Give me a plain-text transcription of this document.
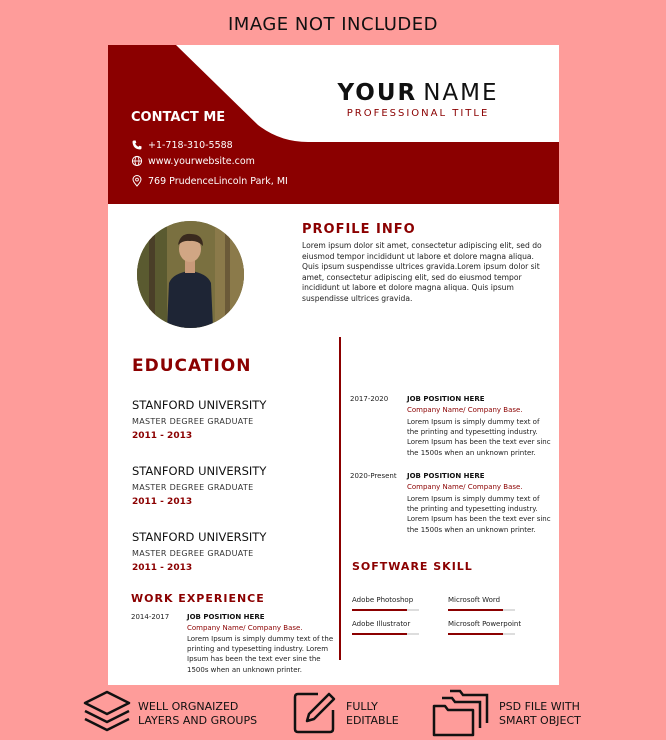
IMAGE NOT INCLUDED
YOUR NAME
PROFESSIONAL TITLE
CONTACT ME
+1-718-310-5588
www.yourwebsite.com
769 PrudenceLincoln Park, MI
PROFILE INFO
Lorem ipsum dolor sit amet, consectetur adipiscing elit, sed do
eiusmod tempor incididunt ut labore et dolore magna aliqua.
Quis ipsum suspendisse ultrices gravida.Lorem ipsum dolor sit
amet, consectetur adipiscing elit, sed do eiusmod tempor
incididunt ut labore et dolore magna aliqua. Quis ipsum
suspendisse ultrices gravida.
EDUCATION
STANFORD UNIVERSITY
MASTER DEGREE GRADUATE
2011 - 2013
STANFORD UNIVERSITY
MASTER DEGREE GRADUATE
2011 - 2013
STANFORD UNIVERSITY
MASTER DEGREE GRADUATE
2011 - 2013
WORK EXPERIENCE
2014-2017	JOB POSITION HERE
Company Name/ Company Base.
Lorem Ipsum is simply dummy text of the
printing and typesetting industry. Lorem
Ipsum has been the text ever sine the
1500s when an unknown printer.
2017-2020	JOB POSITION HERE
Company Name/ Company Base.
Lorem Ipsum is simply dummy text of
the printing and typesetting industry.
Lorem Ipsum has been the text ever sinc
the 1500s when an unknown printer.
2020-Present JOB POSITION HERE
Company Name/ Company Base.
Lorem Ipsum is simply dummy text of
the printing and typesetting industry.
Lorem Ipsum has been the text ever sinc
the 1500s when an unknown printer.
SOFTWARE SKILL
Adobe Photoshop	Microsoft Word
Adobe Illustrator	Microsoft Powerpoint
WELL ORGNAIZED
LAYERS AND GROUPS
FULLY
EDITABLE
PSD FILE WITH
SMART OBJECT
